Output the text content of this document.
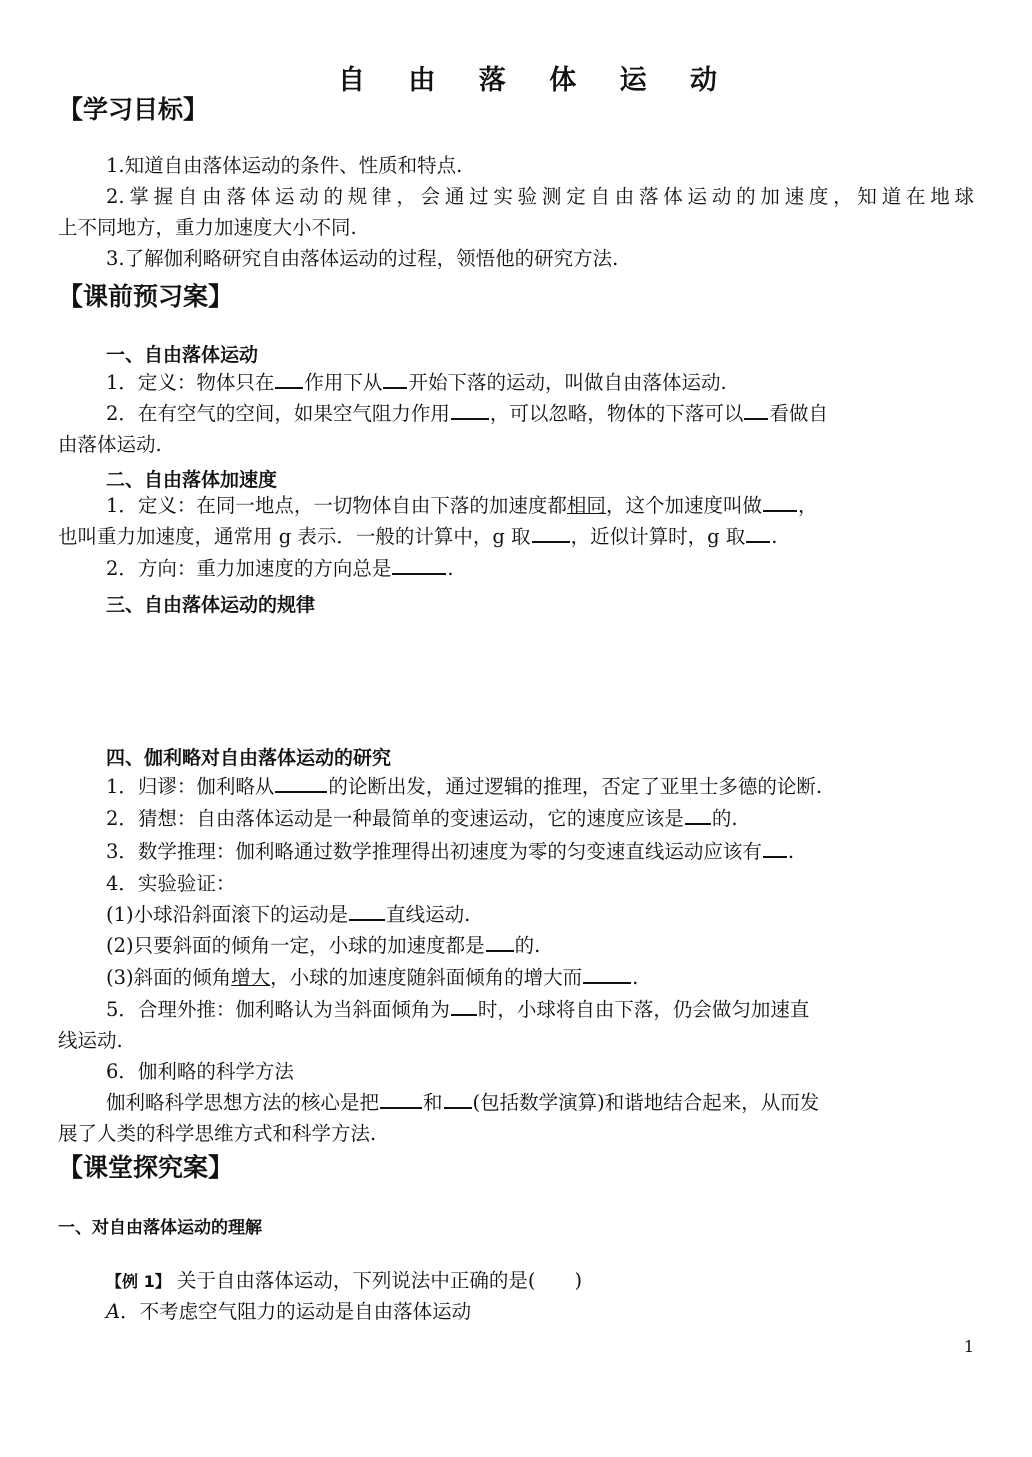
自 由 落 体 运 动
【学习目标】
1.知道自由落体运动的条件、性质和特点.
2.掌握自由落体运动的规律，会通过实验测定自由落体运动的加速度，知道在地球
上不同地方，重力加速度大小不同.
3.了解伽利略研究自由落体运动的过程，领悟他的研究方法.
【课前预习案】
一、自由落体运动
1．定义：物体只在 作用下从 开始下落的运动，叫做自由落体运动.
2．在有空气的空间，如果空气阻力作用 ，可以忽略，物体的下落可以 看做自
由落体运动.
二、自由落体加速度
1．定义：在同一地点，一切物体自由下落的加速度都相同，这个加速度叫做 ，
也叫重力加速度，通常用 g 表示．一般的计算中，g 取 ，近似计算时，g 取 .
2．方向：重力加速度的方向总是	.
三、自由落体运动的规律
四、伽利略对自由落体运动的研究
1．归谬：伽利略从	的论断出发，通过逻辑的推理，否定了亚里士多德的论断.
2．猜想：自由落体运动是一种最简单的变速运动，它的速度应该是 的.
3．数学推理：伽利略通过数学推理得出初速度为零的匀变速直线运动应该有 .
4．实验验证：
(1)小球沿斜面滚下的运动是 直线运动.
(2)只要斜面的倾角一定，小球的加速度都是 的.
(3)斜面的倾角增大，小球的加速度随斜面倾角的增大而	.
5．合理外推：伽利略认为当斜面倾角为 时，小球将自由下落，仍会做匀加速直
线运动.
6．伽利略的科学方法
伽利略科学思想方法的核心是把 和 (包括数学演算)和谐地结合起来，从而发
展了人类的科学思维方式和科学方法.
【课堂探究案】
一、对自由落体运动的理解
【例 1】 关于自由落体运动，下列说法中正确的是(　　)
A．不考虑空气阻力的运动是自由落体运动
1
